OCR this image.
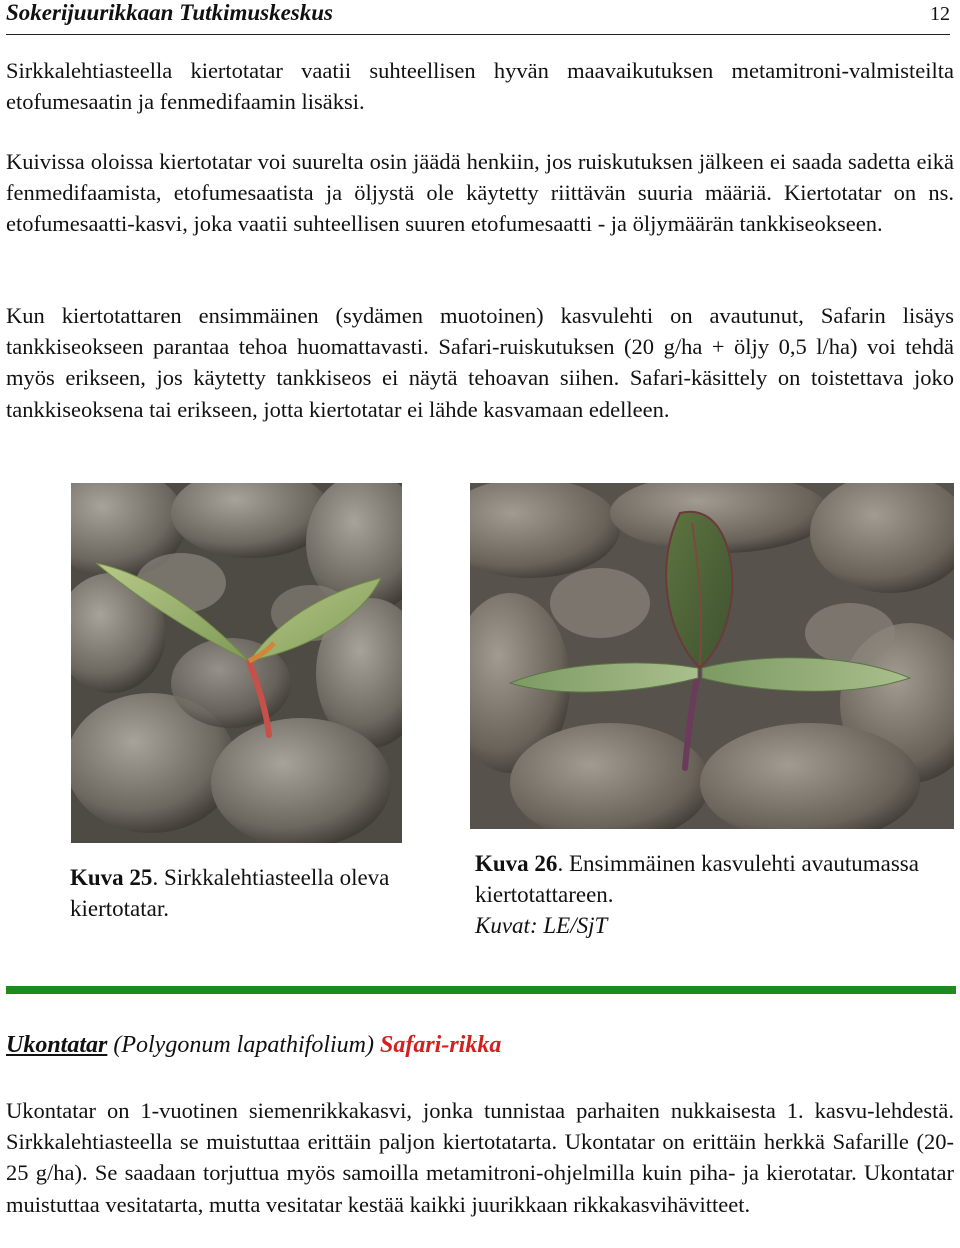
Sokerijuurikkaan Tutkimuskeskus	12

Sirkkalehtiasteella kiertotatar vaatii suhteellisen hyvän maavaikutuksen metamitroni-valmisteilta etofumesaatin ja fenmedifaamin lisäksi.

Kuivissa oloissa kiertotatar voi suurelta osin jäädä henkiin, jos ruiskutuksen jälkeen ei saada sadetta eikä fenmedifaamista, etofumesaatista ja öljystä ole käytetty riittävän suuria määriä. Kiertotatar on ns. etofumesaatti-kasvi, joka vaatii suhteellisen suuren etofumesaatti - ja öljymäärän tankkiseokseen.

Kun kiertotattaren ensimmäinen (sydämen muotoinen) kasvulehti on avautunut, Safarin lisäys tankkiseokseen parantaa tehoa huomattavasti. Safari-ruiskutuksen (20 g/ha + öljy 0,5 l/ha) voi tehdä myös erikseen, jos käytetty tankkiseos ei näytä tehoavan siihen. Safari-käsittely on toistettava joko tankkiseoksena tai erikseen, jotta kiertotatar ei lähde kasvamaan edelleen.

Kuva 25. Sirkkalehtiasteella oleva kiertotatar.

Kuva 26. Ensimmäinen kasvulehti avautumassa kiertotattareen.
Kuvat: LE/SjT

Ukontatar (Polygonum lapathifolium) Safari-rikka

Ukontatar on 1-vuotinen siemenrikkakasvi, jonka tunnistaa parhaiten nukkaisesta 1. kasvu-lehdestä. Sirkkalehtiasteella se muistuttaa erittäin paljon kiertotatarta. Ukontatar on erittäin herkkä Safarille (20-25 g/ha). Se saadaan torjuttua myös samoilla metamitroni-ohjelmilla kuin piha- ja kierotatar. Ukontatar muistuttaa vesitatarta, mutta vesitatar kestää kaikki juurikkaan rikkakasvihävitteet.
